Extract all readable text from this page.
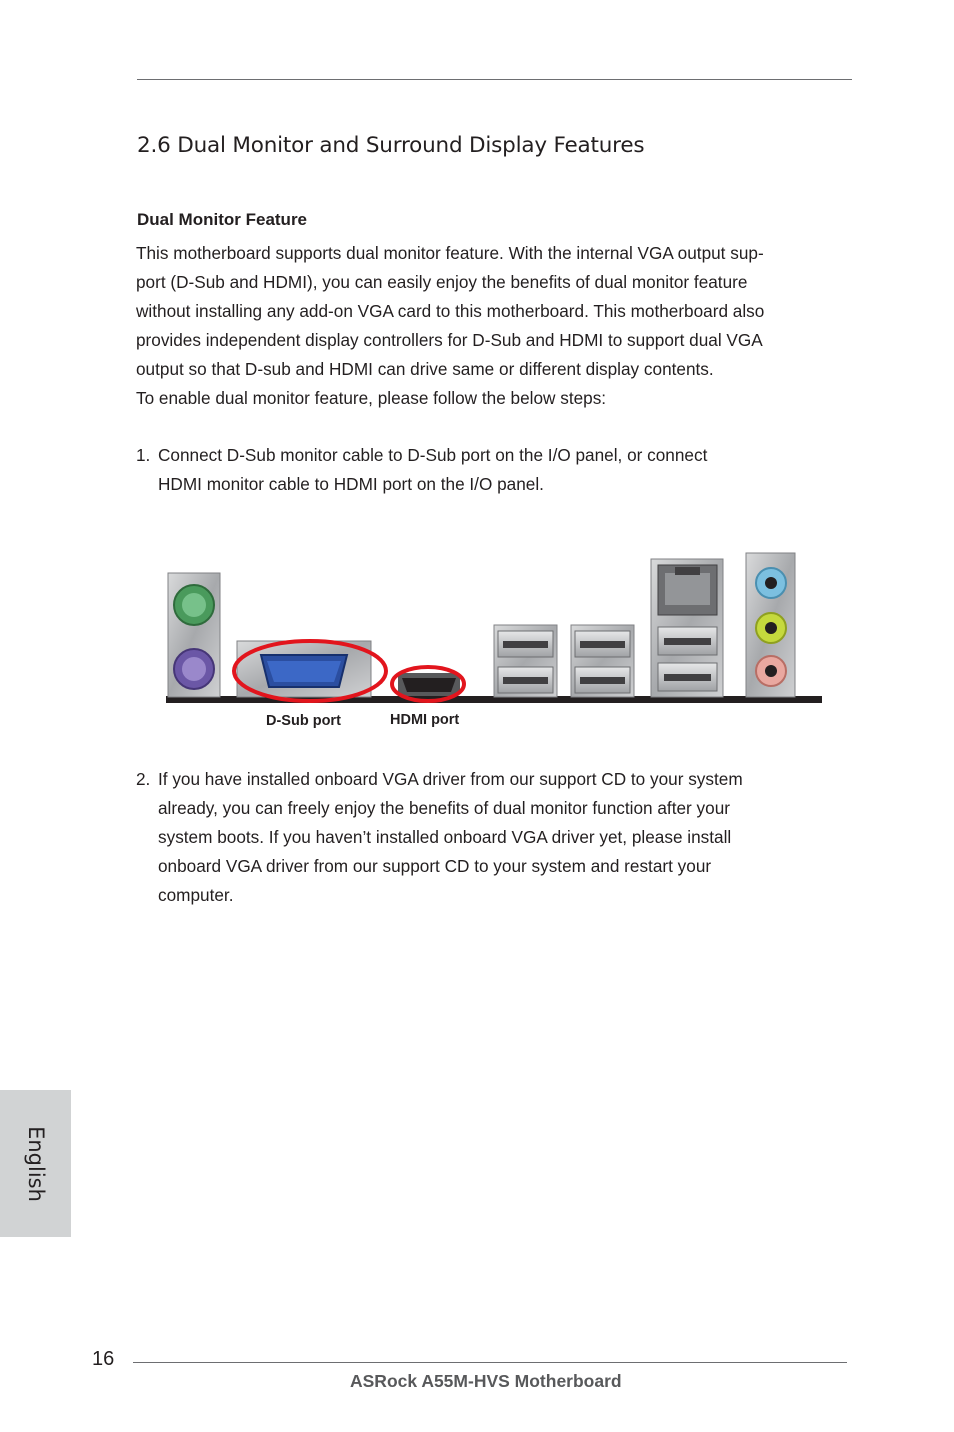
2.6 Dual Monitor and Surround Display Features
Dual Monitor Feature
This motherboard supports dual monitor feature. With the internal VGA output sup-
port (D-Sub and HDMI), you can easily enjoy the benefits of dual monitor feature
without installing any add-on VGA card to this motherboard. This motherboard also
provides independent display controllers for D-Sub and HDMI to support dual VGA
output so that D-sub and HDMI can drive same or different display contents.
To enable dual monitor feature, please follow the below steps:
1. Connect D-Sub monitor cable to D-Sub port on the I/O panel, or connect
HDMI monitor cable to HDMI port on the I/O panel.
D-Sub port	HDMI port
2. If you have installed onboard VGA driver from our support CD to your system
already, you can freely enjoy the benefits of dual monitor function after your
system boots. If you haven’t installed onboard VGA driver yet, please install
onboard VGA driver from our support CD to your system and restart your
computer.
English
16
ASRock A55M-HVS Motherboard
